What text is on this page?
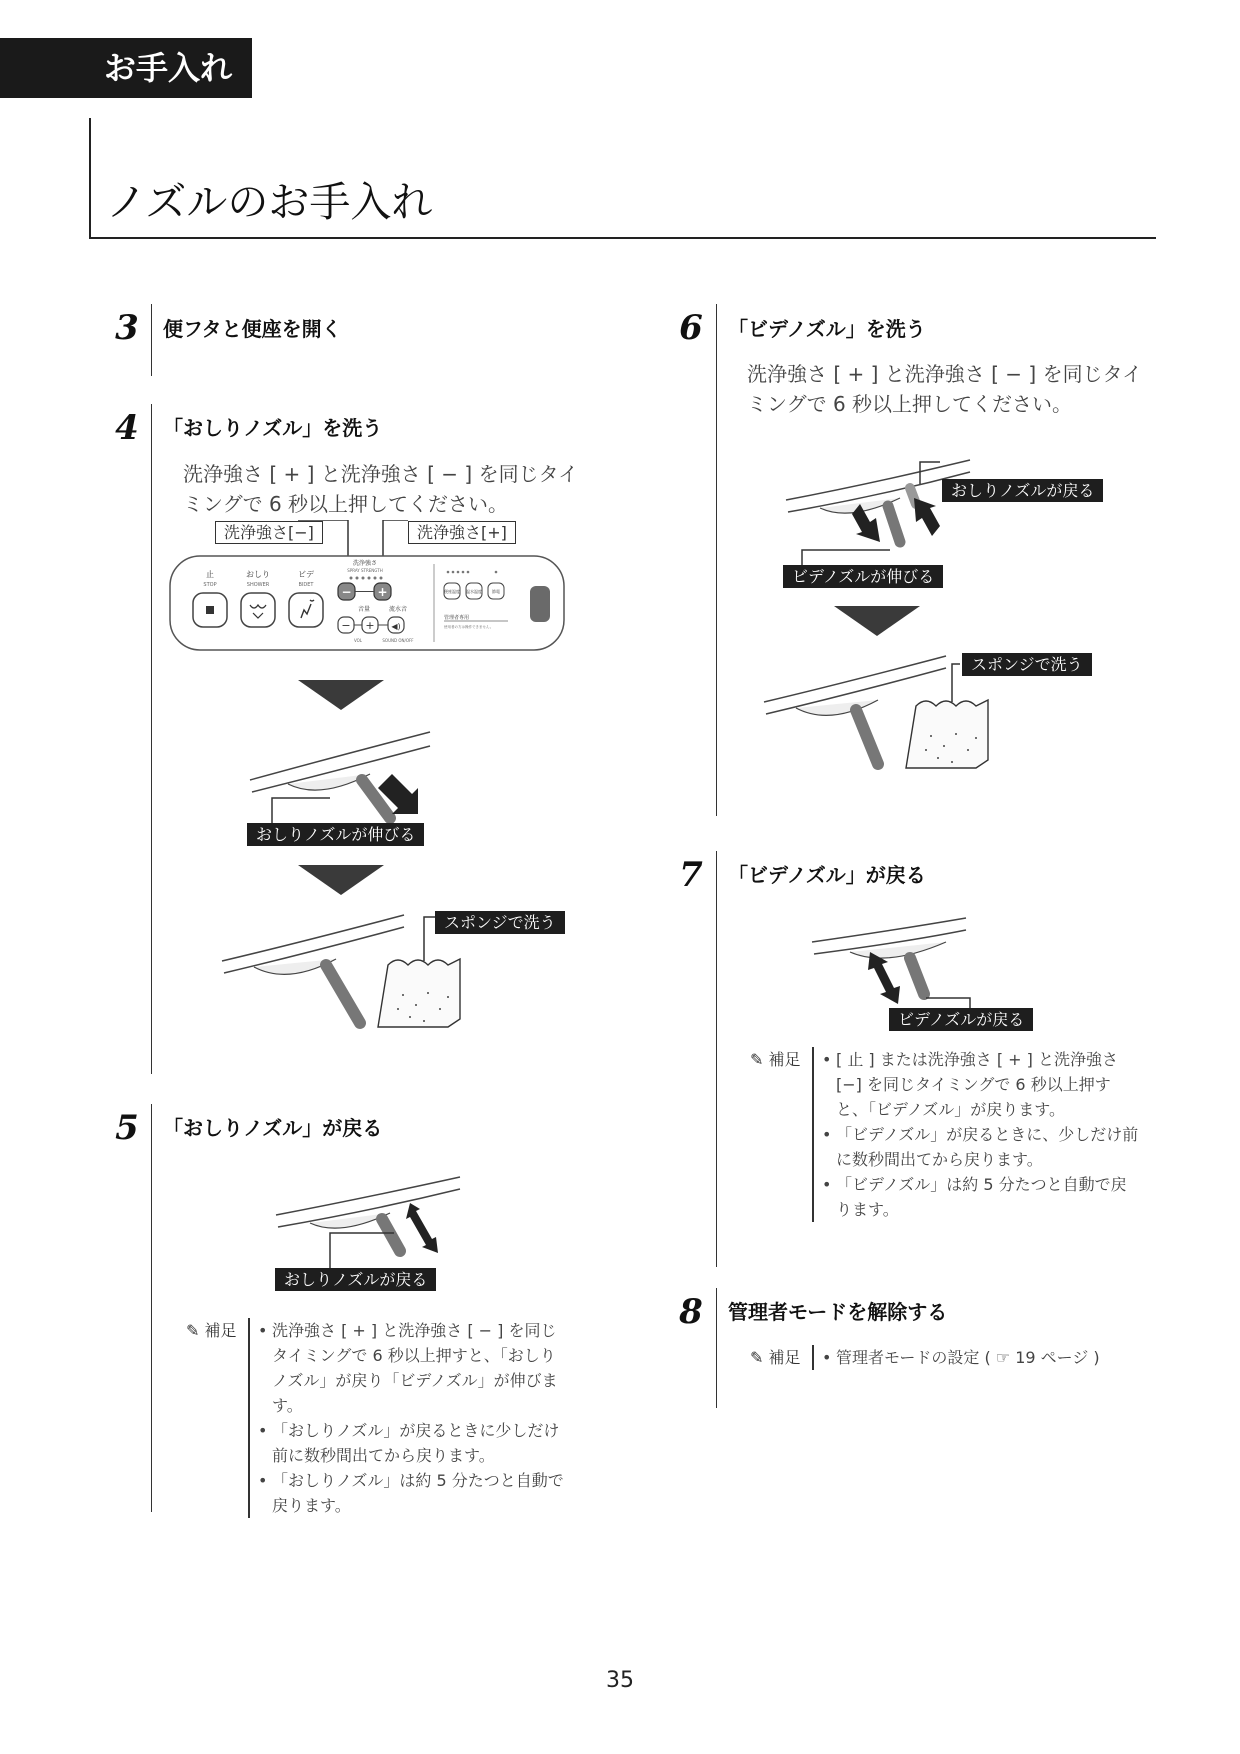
お手入れ
ノズルのお手入れ
3	便フタと便座を開く
4	「おしりノズル」を洗う
洗浄強さ [ + ] と洗浄強さ [ − ] を同じタイ
ミングで 6 秒以上押してください。
止
STOP
おしり
SHOWER
ビデ
BIDET
洗浄強さ
SPRAY STRENGTH
− +
音量	流水音
− + ◀)
VOL	SOUND ON/OFF
便座温度 温水温度	節電
管理者専用
使用者の方は操作できません。
洗浄強さ[−]	洗浄強さ[+]
おしりノズルが伸びる
スポンジで洗う
5	「おしりノズル」が戻る
おしりノズルが戻る
✎ 補足	• 洗浄強さ [ + ] と洗浄強さ [ − ] を同じタイミングで 6 秒以上押すと、「おしりノズル」が戻り「ビデノズル」が伸びます。
• 「おしりノズル」が戻るときに少しだけ前に数秒間出てから戻ります。
• 「おしりノズル」は約 5 分たつと自動で戻ります。
6	「ビデノズル」を洗う
洗浄強さ [ + ] と洗浄強さ [ − ] を同じタイ
ミングで 6 秒以上押してください。
おしりノズルが戻る
ビデノズルが伸びる
スポンジで洗う
7	「ビデノズル」が戻る
ビデノズルが戻る
✎ 補足	• [ 止 ] または洗浄強さ [ + ] と洗浄強さ [−] を同じタイミングで 6 秒以上押すと、「ビデノズル」が戻ります。
• 「ビデノズル」が戻るときに、少しだけ前に数秒間出てから戻ります。
• 「ビデノズル」は約 5 分たつと自動で戻ります。
8	管理者モードを解除する
✎ 補足	• 管理者モードの設定 ( ☞ 19 ページ )
35
